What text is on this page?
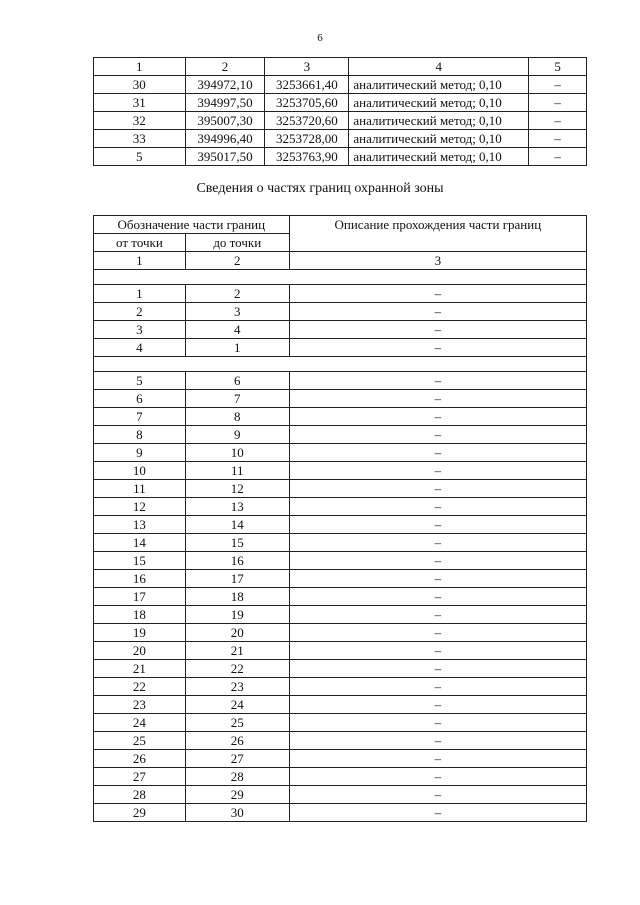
6
1	2	3	4	5
30	394972,10	3253661,40	аналитический метод; 0,10	–
31	394997,50	3253705,60	аналитический метод; 0,10	–
32	395007,30	3253720,60	аналитический метод; 0,10	–
33	394996,40	3253728,00	аналитический метод; 0,10	–
5	395017,50	3253763,90	аналитический метод; 0,10	–
Сведения о частях границ охранной зоны
Обозначение части границ		Описание прохождения части границ
от точки	до точки	
1	2	3

1	2	–
2	3	–
3	4	–
4	1	–

5	6	–
6	7	–
7	8	–
8	9	–
9	10	–
10	11	–
11	12	–
12	13	–
13	14	–
14	15	–
15	16	–
16	17	–
17	18	–
18	19	–
19	20	–
20	21	–
21	22	–
22	23	–
23	24	–
24	25	–
25	26	–
26	27	–
27	28	–
28	29	–
29	30	–
